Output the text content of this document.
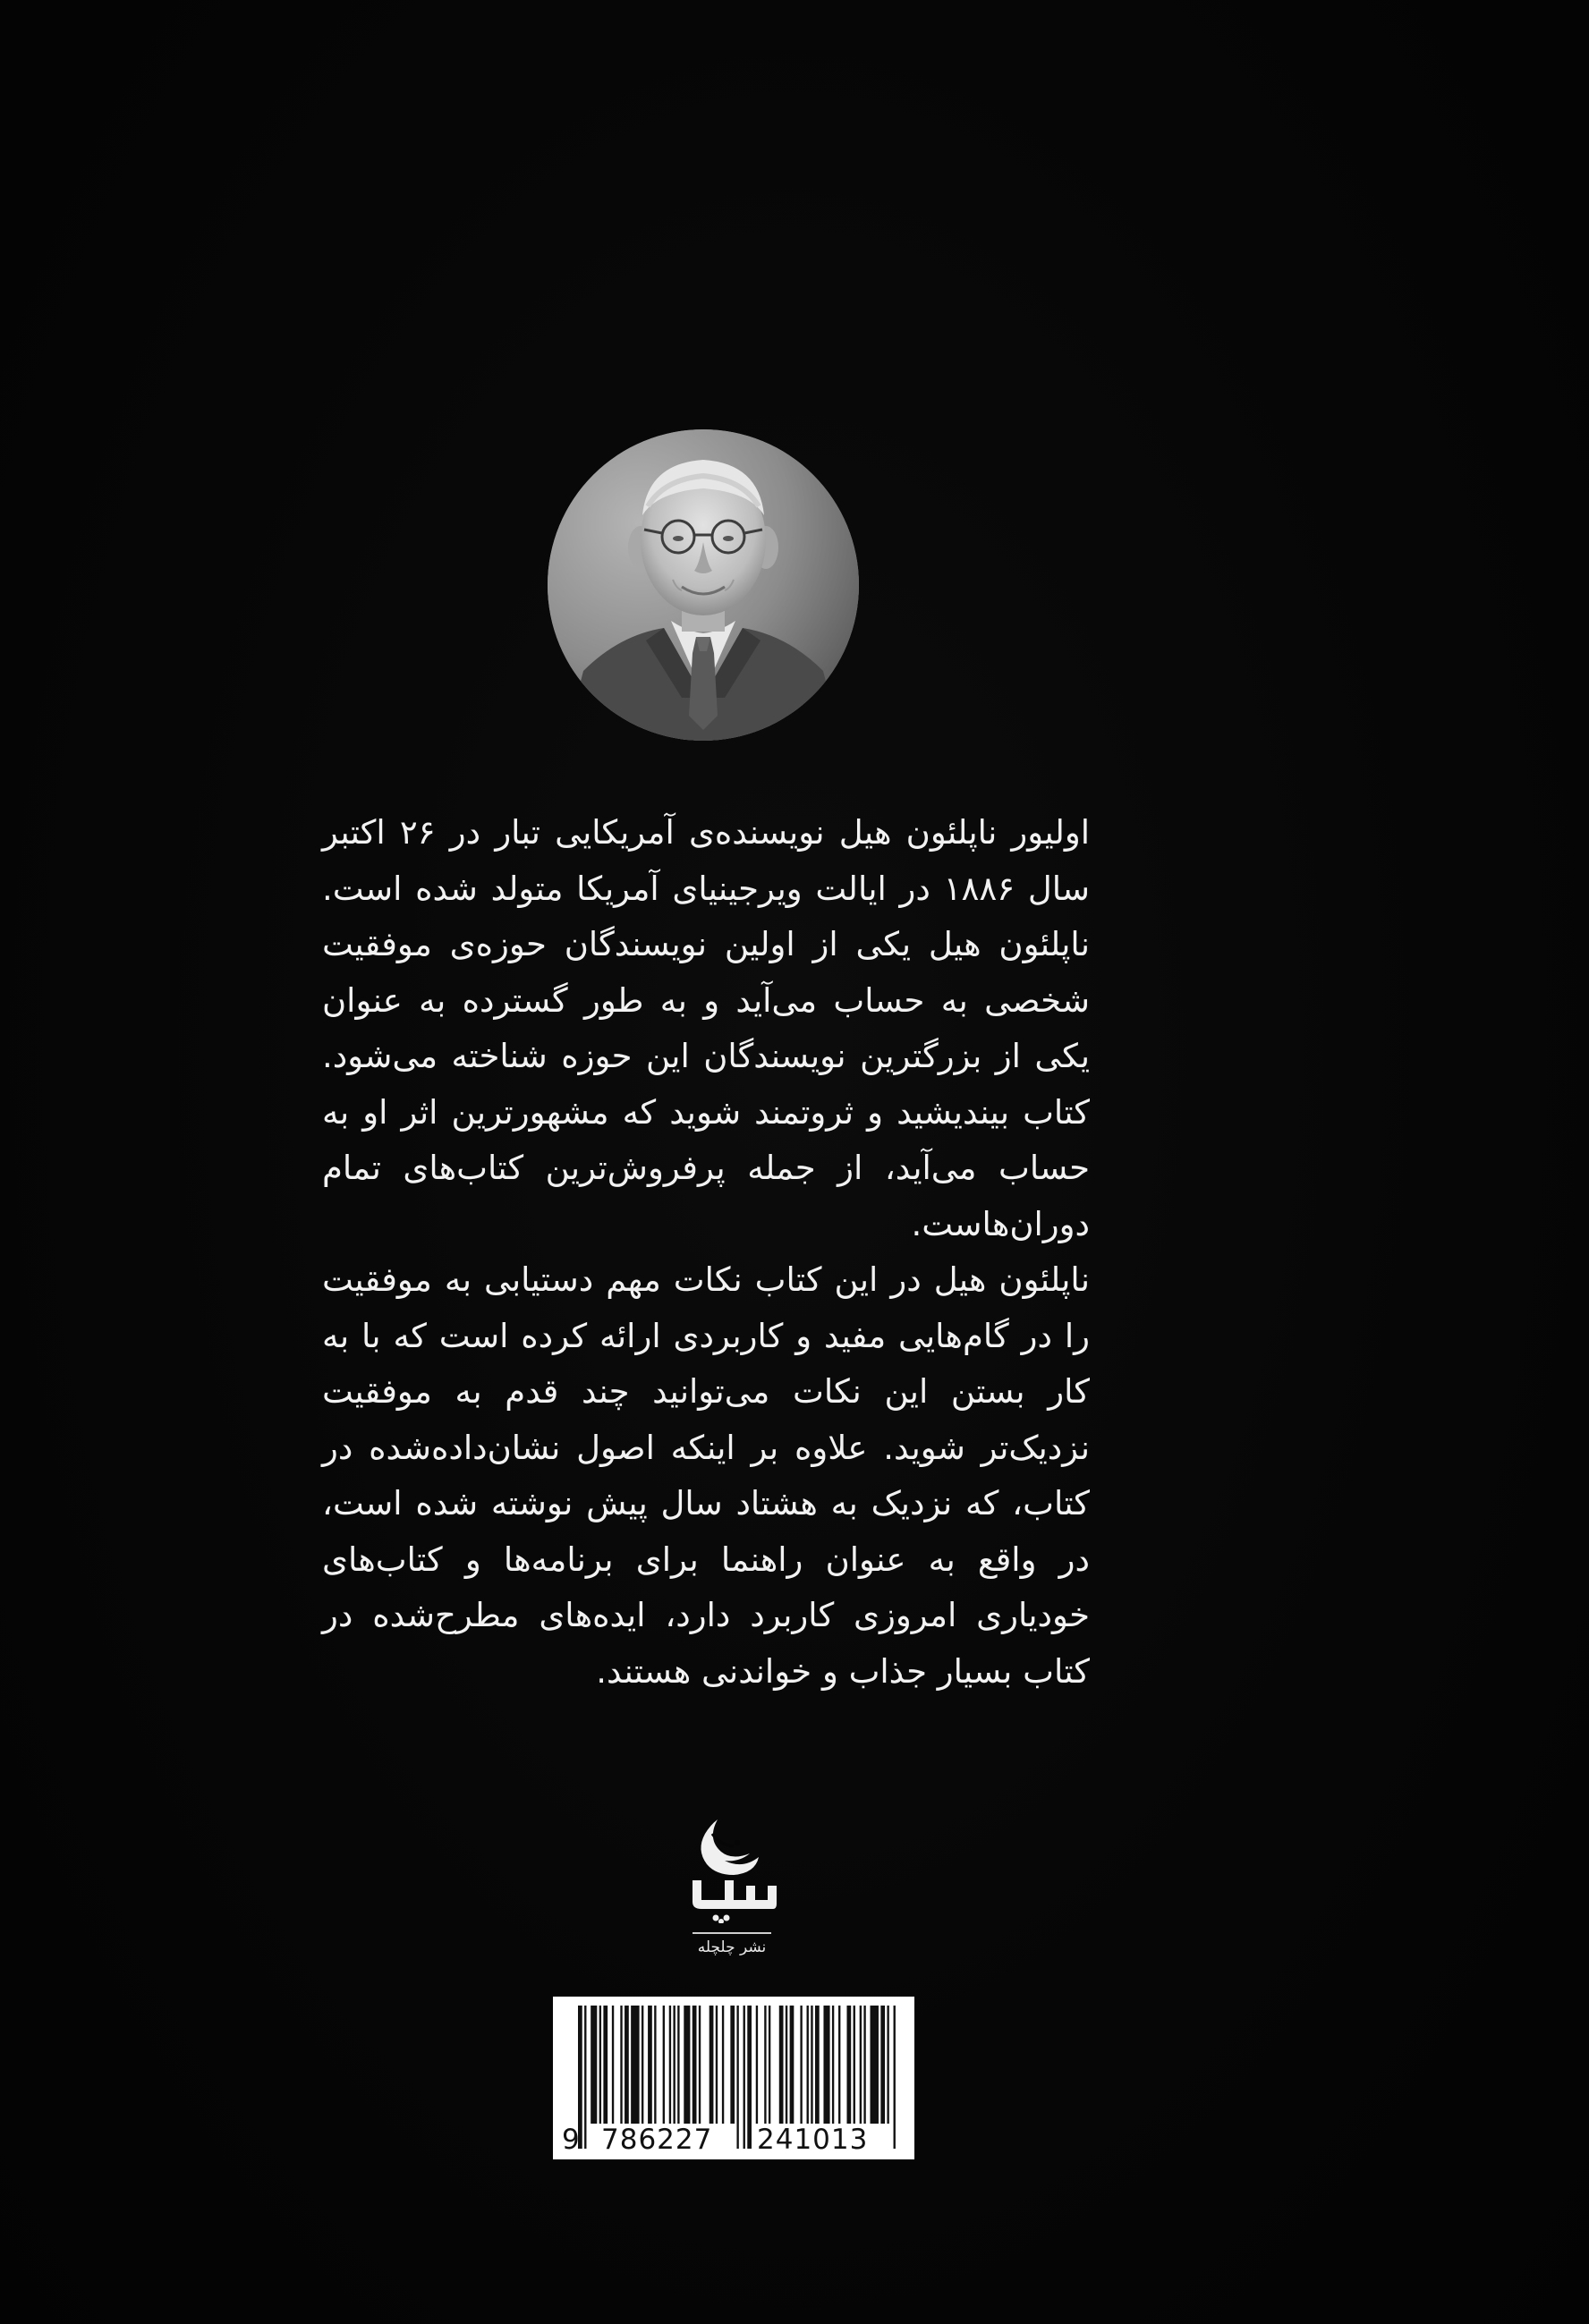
اولیور ناپلئون هیل نویسنده‌ی آمریکایی تبار در ۲۶ اکتبر سال ۱۸۸۶ در ایالت ویرجینیای آمریکا متولد شده است. ناپلئون هیل یکی از اولین نویسندگان حوزه‌ی موفقیت شخصی به حساب می‌آید و به طور گسترده به عنوان یکی از بزرگترین نویسندگان این حوزه شناخته می‌شود. کتاب بیندیشید و ثروتمند شوید که مشهورترین اثر او به حساب می‌آید، از جمله پرفروش‌ترین کتاب‌های تمام دوران‌هاست.

ناپلئون هیل در این کتاب نکات مهم دستیابی به موفقیت را در گام‌هایی مفید و کاربردی ارائه کرده است که با به کار بستن این نکات می‌توانید چند قدم به موفقیت نزدیک‌تر شوید. علاوه بر اینکه اصول نشان‌داده‌شده در کتاب، که نزدیک به هشتاد سال پیش نوشته شده است، در واقع به عنوان راهنما برای برنامه‌ها و کتاب‌های خودیاری امروزی کاربرد دارد، ایده‌های مطرح‌شده در کتاب بسیار جذاب و خواندنی هستند.

نشر چلچله
9 786227 241013
